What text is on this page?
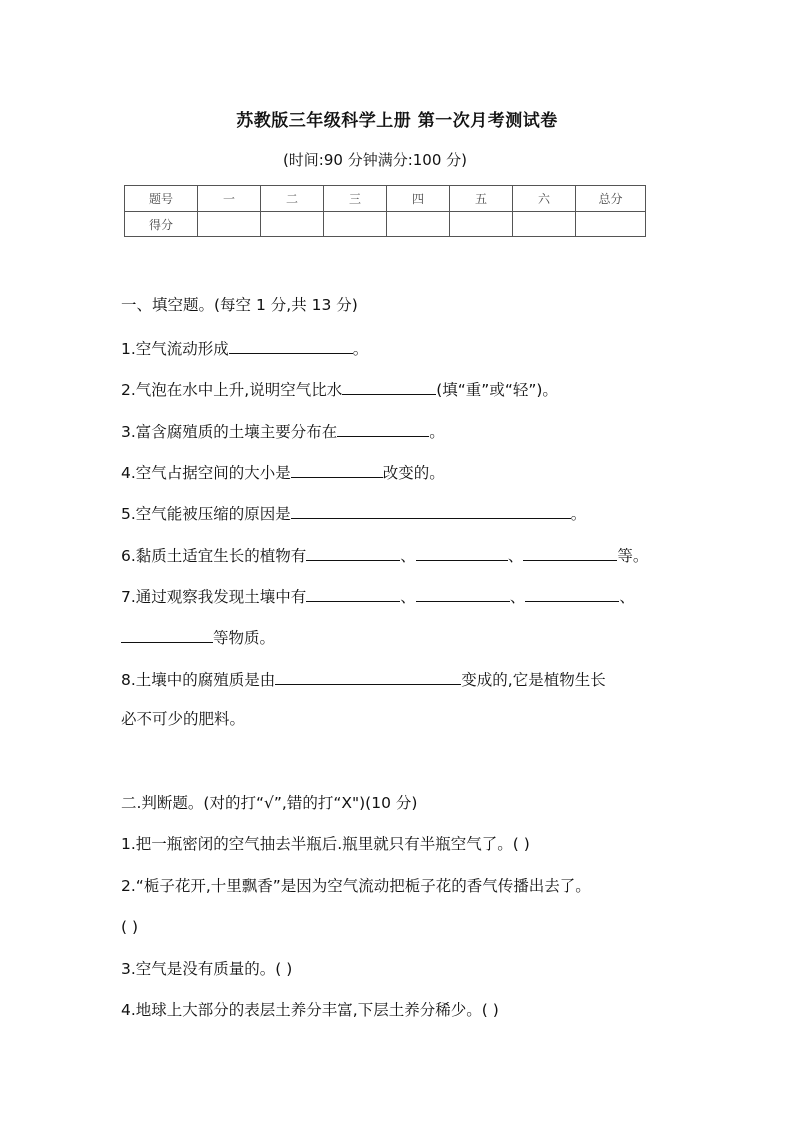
苏教版三年级科学上册 第一次月考测试卷
(时间:90 分钟满分:100 分)
题号	一	二	三	四	五	六	总分
得分							
一、填空题。(每空 1 分,共 13 分)
1.空气流动形成	。
2.气泡在水中上升,说明空气比水	(填“重”或“轻”)。
3.富含腐殖质的土壤主要分布在	。
4.空气占据空间的大小是	改变的。
5.空气能被压缩的原因是	。
6.黏质土适宜生长的植物有	、	、	等。
7.通过观察我发现土壤中有	、	、	、
等物质。
8.土壤中的腐殖质是由	变成的,它是植物生长
必不可少的肥料。
二.判断题。(对的打“√”,错的打“X")(10 分)
1.把一瓶密闭的空气抽去半瓶后.瓶里就只有半瓶空气了。( )
2.“栀子花开,十里飘香”是因为空气流动把栀子花的香气传播出去了。
( )
3.空气是没有质量的。( )
4.地球上大部分的表层土养分丰富,下层土养分稀少。( )
